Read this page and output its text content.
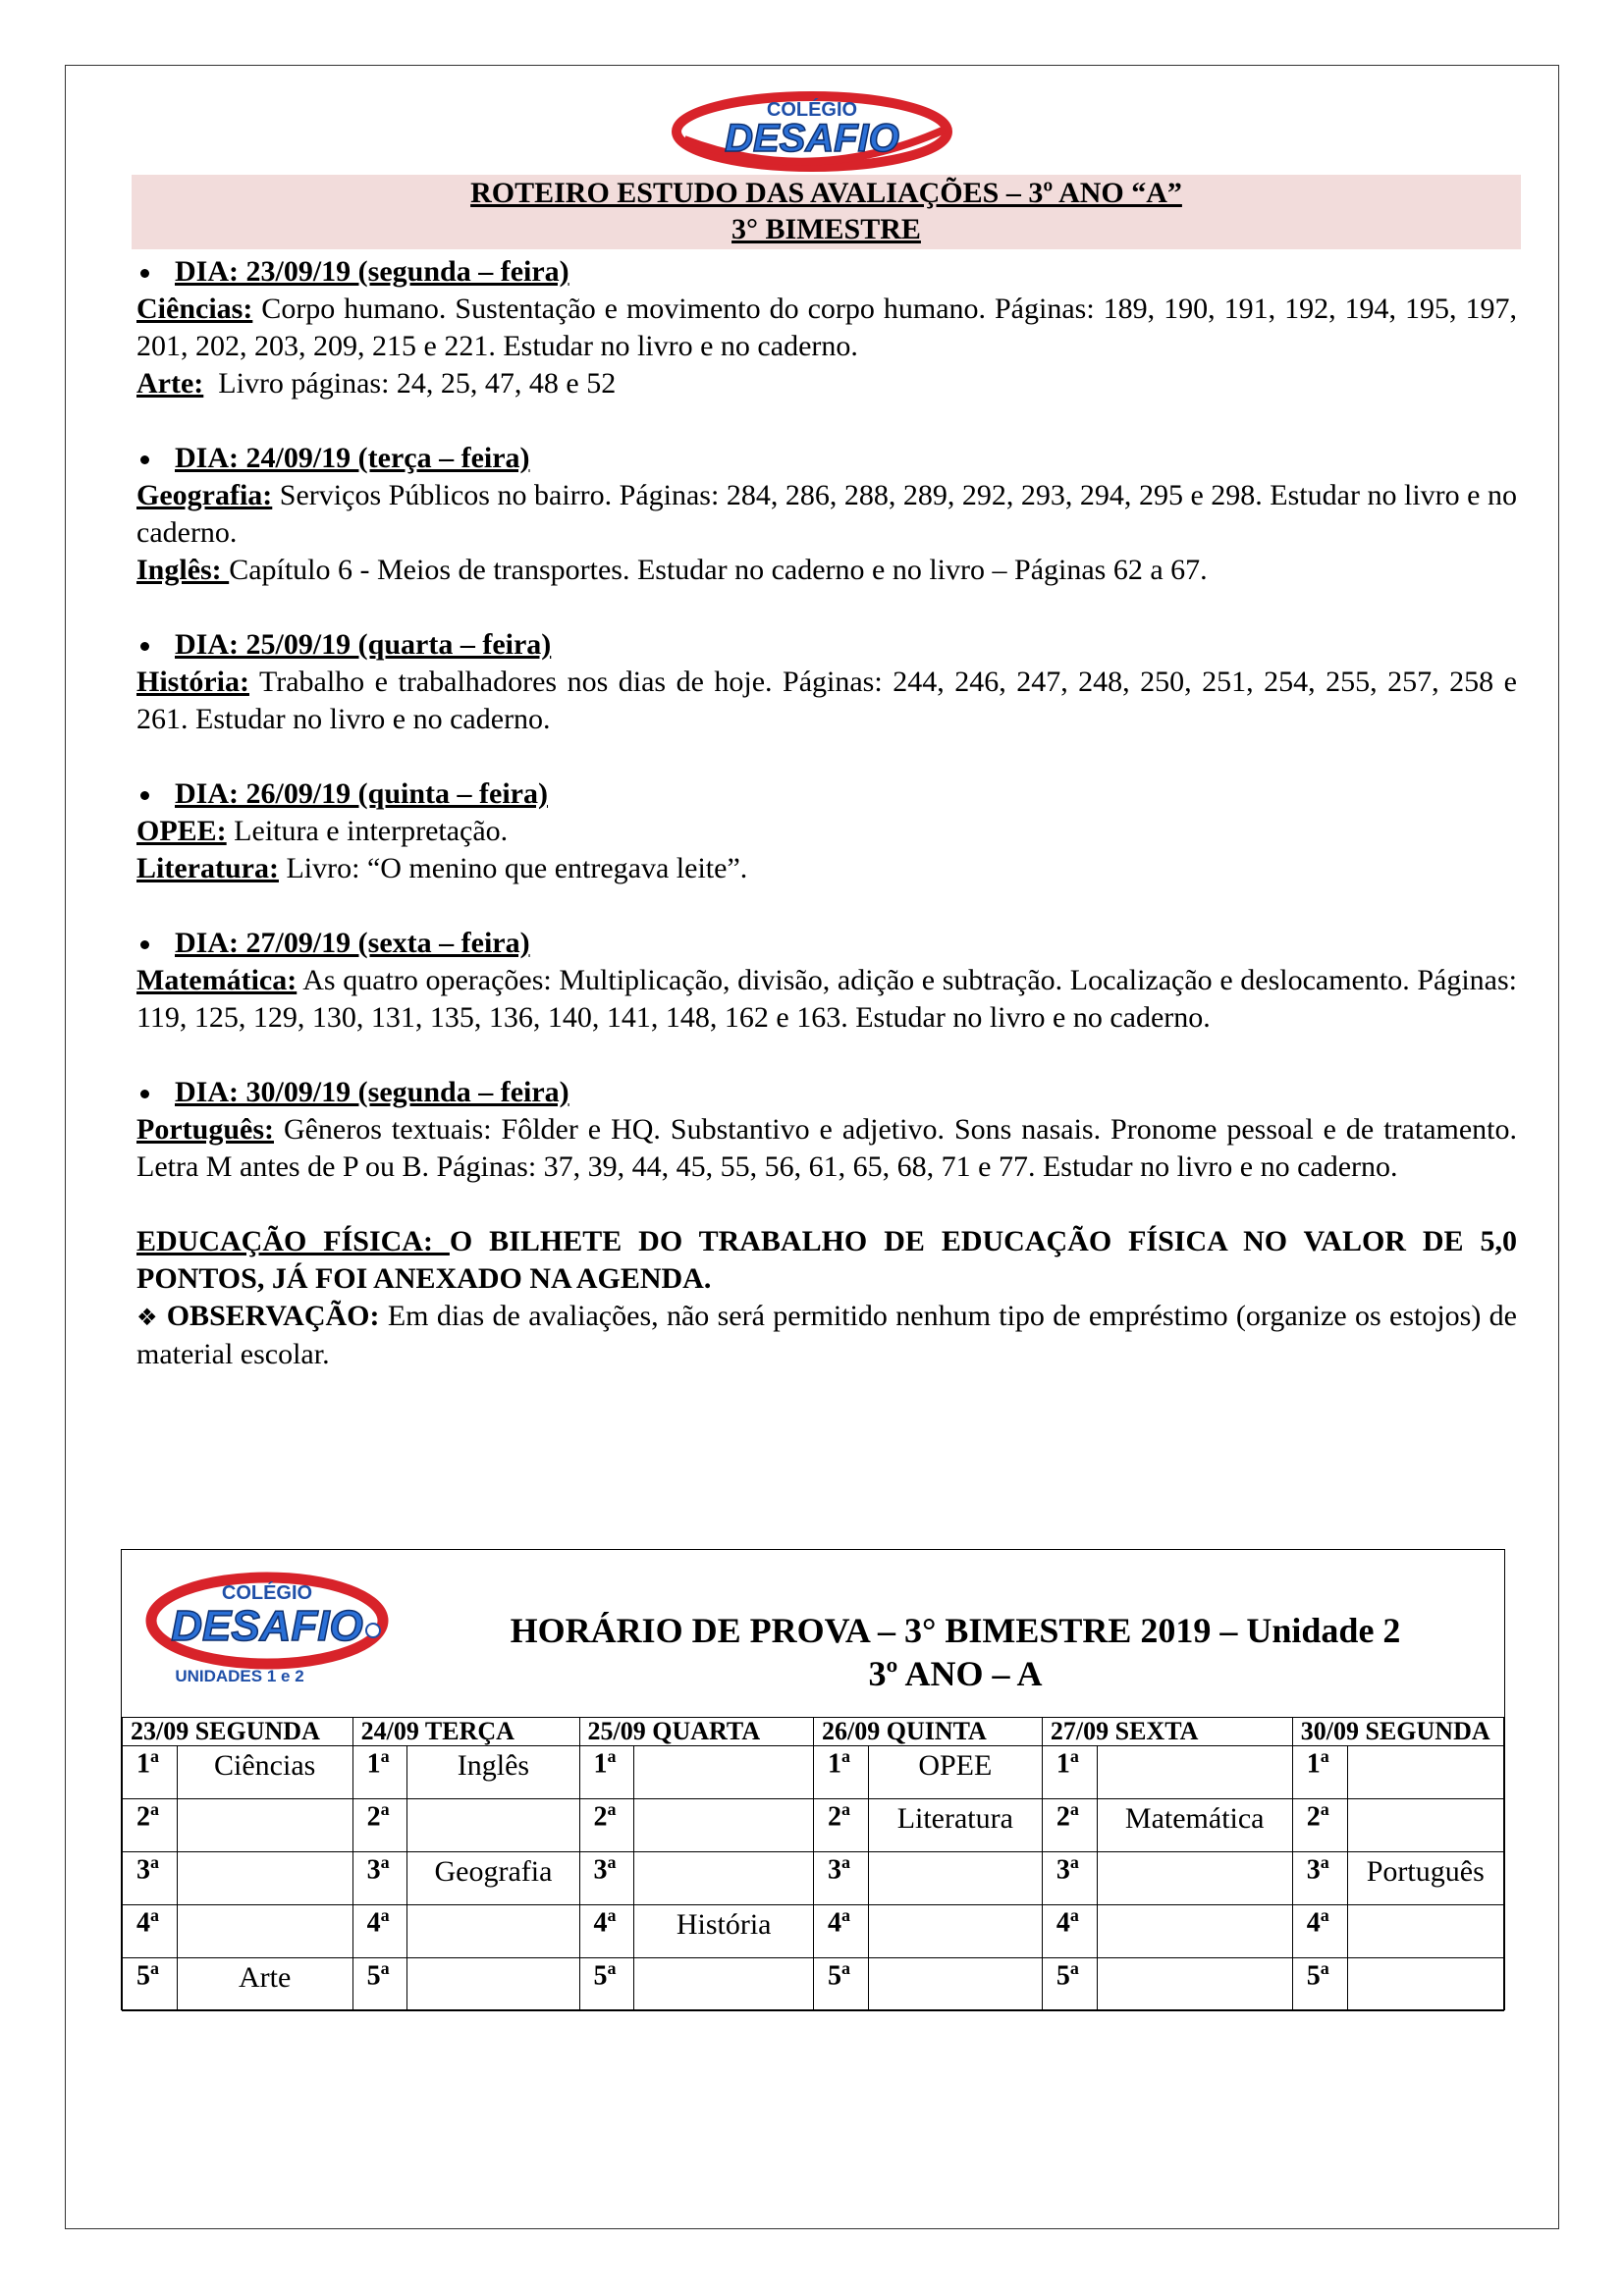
COLÉGIO
DESAFIO
ROTEIRO ESTUDO DAS AVALIAÇÕES – 3º ANO “A”
3° BIMESTRE
DIA: 23/09/19 (segunda – feira)

Ciências: Corpo humano. Sustentação e movimento do corpo humano. Páginas: 189, 190, 191, 192, 194, 195, 197, 201, 202, 203, 209, 215 e 221. Estudar no livro e no caderno.

Arte:  Livro páginas: 24, 25, 47, 48 e 52

DIA: 24/09/19 (terça – feira)

Geografia: Serviços Públicos no bairro. Páginas: 284, 286, 288, 289, 292, 293, 294, 295 e 298. Estudar no livro e no caderno.

Inglês: Capítulo 6 - Meios de transportes. Estudar no caderno e no livro – Páginas 62 a 67.

DIA: 25/09/19 (quarta – feira)

História: Trabalho e trabalhadores nos dias de hoje. Páginas: 244, 246, 247, 248, 250, 251, 254, 255, 257, 258 e 261. Estudar no livro e no caderno.

DIA: 26/09/19 (quinta – feira)

OPEE: Leitura e interpretação.

Literatura: Livro: “O menino que entregava leite”.

DIA: 27/09/19 (sexta – feira)

Matemática: As quatro operações: Multiplicação, divisão, adição e subtração. Localização e deslocamento. Páginas: 119, 125, 129, 130, 131, 135, 136, 140, 141, 148, 162 e 163. Estudar no livro e no caderno.

DIA: 30/09/19 (segunda – feira)

Português: Gêneros textuais: Fôlder e HQ. Substantivo e adjetivo. Sons nasais. Pronome pessoal e de tratamento. Letra M antes de P ou B. Páginas: 37, 39, 44, 45, 55, 56, 61, 65, 68, 71 e 77. Estudar no livro e no caderno.

EDUCAÇÃO FÍSICA: O BILHETE DO TRABALHO DE EDUCAÇÃO FÍSICA NO VALOR DE 5,0 PONTOS, JÁ FOI ANEXADO NA AGENDA.

❖ OBSERVAÇÃO: Em dias de avaliações, não será permitido nenhum tipo de empréstimo (organize os estojos) de material escolar.

COLÉGIO
DESAFIO
UNIDADES 1 e 2
HORÁRIO DE PROVA – 3° BIMESTRE 2019 – Unidade 2
3º ANO – A
23/09 SEGUNDA		24/09 TERÇA		25/09 QUARTA		26/09 QUINTA		27/09 SEXTA		30/09 SEGUNDA	
1$^a$	Ciências	1$^a$	Inglês	1$^a$		1$^a$	OPEE	1$^a$		1$^a$	
2$^a$		2$^a$		2$^a$		2$^a$	Literatura	2$^a$	Matemática	2$^a$	
3$^a$		3$^a$	Geografia	3$^a$		3$^a$		3$^a$		3$^a$	Português
4$^a$		4$^a$		4$^a$	História	4$^a$		4$^a$		4$^a$	
5$^a$	Arte	5$^a$		5$^a$		5$^a$		5$^a$		5$^a$	
